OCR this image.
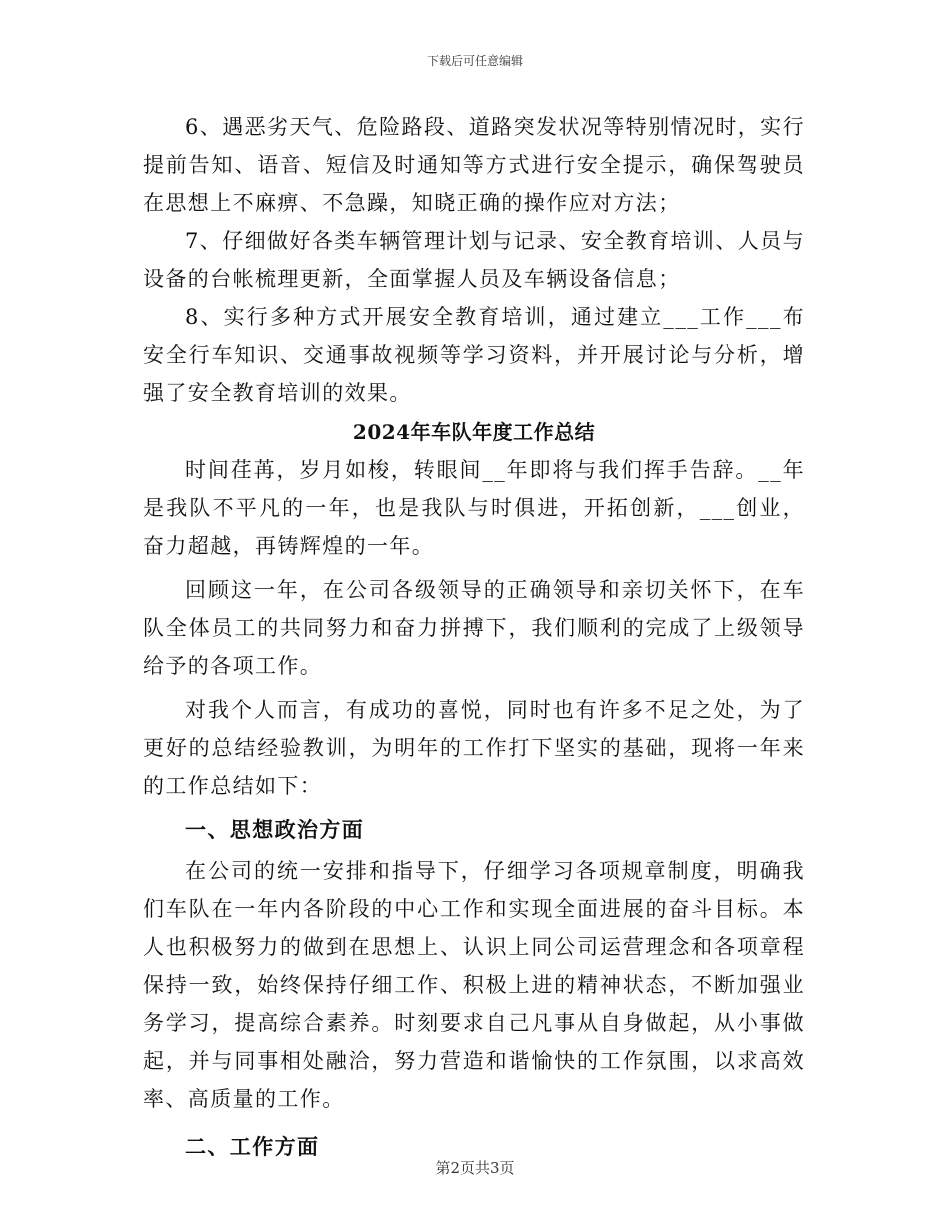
下载后可任意编辑

6、遇恶劣天气、危险路段、道路突发状况等特别情况时，实行提前告知、语音、短信及时通知等方式进行安全提示，确保驾驶员在思想上不麻痹、不急躁，知晓正确的操作应对方法；

7、仔细做好各类车辆管理计划与记录、安全教育培训、人员与设备的台帐梳理更新，全面掌握人员及车辆设备信息；

8、实行多种方式开展安全教育培训，通过建立___工作___布安全行车知识、交通事故视频等学习资料，并开展讨论与分析，增强了安全教育培训的效果。

2024年车队年度工作总结

时间荏苒，岁月如梭，转眼间__年即将与我们挥手告辞。__年是我队不平凡的一年，也是我队与时俱进，开拓创新，___创业，奋力超越，再铸辉煌的一年。

回顾这一年，在公司各级领导的正确领导和亲切关怀下，在车队全体员工的共同努力和奋力拼搏下，我们顺利的完成了上级领导给予的各项工作。

对我个人而言，有成功的喜悦，同时也有许多不足之处，为了更好的总结经验教训，为明年的工作打下坚实的基础，现将一年来的工作总结如下：

一、思想政治方面

在公司的统一安排和指导下，仔细学习各项规章制度，明确我们车队在一年内各阶段的中心工作和实现全面进展的奋斗目标。本人也积极努力的做到在思想上、认识上同公司运营理念和各项章程保持一致，始终保持仔细工作、积极上进的精神状态，不断加强业务学习，提高综合素养。时刻要求自己凡事从自身做起，从小事做起，并与同事相处融洽，努力营造和谐愉快的工作氛围，以求高效率、高质量的工作。

二、工作方面
第2页共3页
